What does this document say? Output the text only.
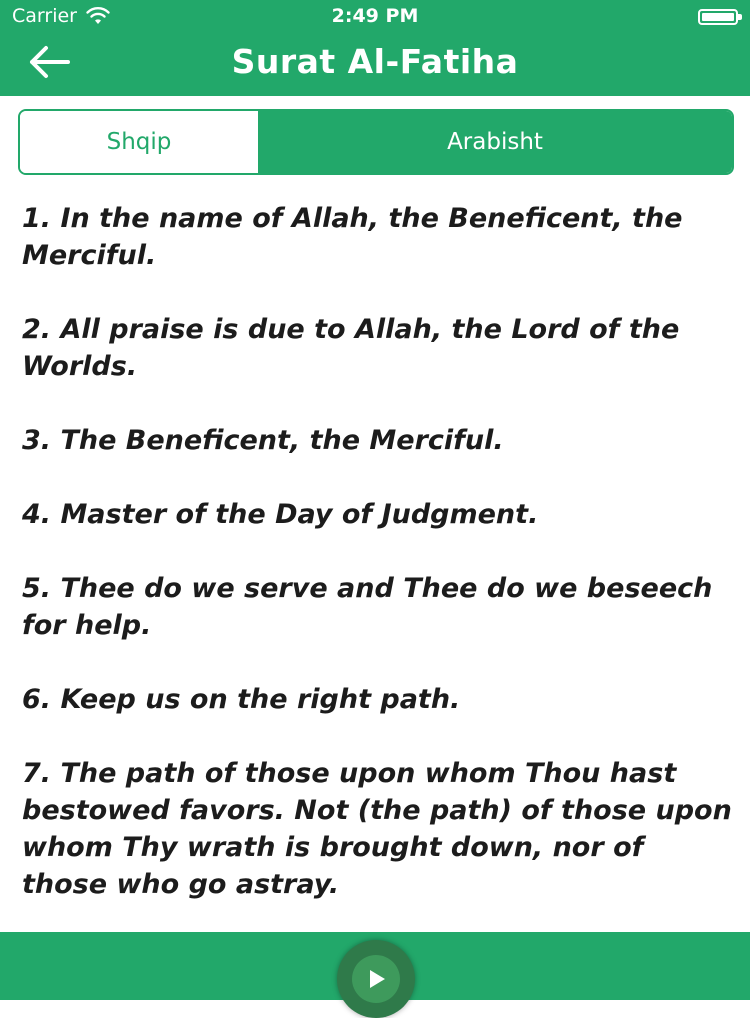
Carrier	2:49 PM
Surat Al-Fatiha
Shqip	Arabisht

1. In the name of Allah, the Beneficent, the Merciful.

2. All praise is due to Allah, the Lord of the Worlds.

3. The Beneficent, the Merciful.

4. Master of the Day of Judgment.

5. Thee do we serve and Thee do we beseech for help.

6. Keep us on the right path.

7. The path of those upon whom Thou hast bestowed favors. Not (the path) of those upon whom Thy wrath is brought down, nor of those who go astray.
